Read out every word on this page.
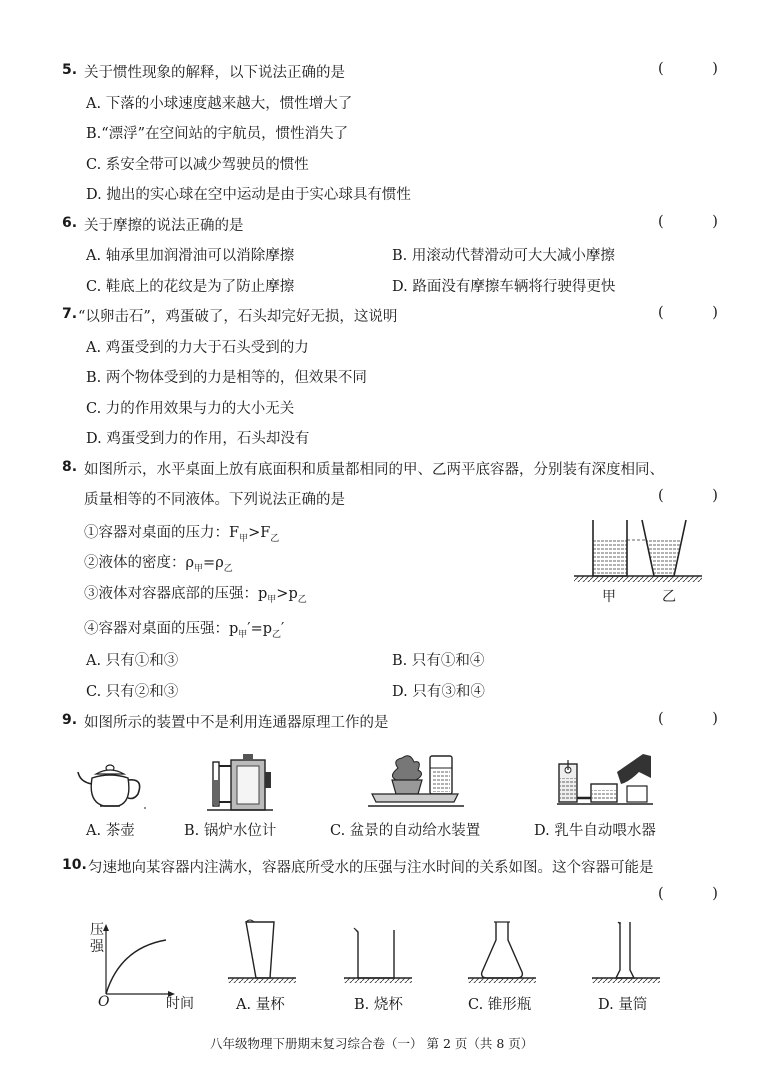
5. 关于惯性现象的解释，以下说法正确的是	( )
A. 下落的小球速度越来越大，惯性增大了
B.“漂浮”在空间站的宇航员，惯性消失了
C. 系安全带可以减少驾驶员的惯性
D. 抛出的实心球在空中运动是由于实心球具有惯性
6. 关于摩擦的说法正确的是	( )
A. 轴承里加润滑油可以消除摩擦	B. 用滚动代替滑动可大大减小摩擦
C. 鞋底上的花纹是为了防止摩擦	D. 路面没有摩擦车辆将行驶得更快
7. “以卵击石”，鸡蛋破了，石头却完好无损，这说明	( )
A. 鸡蛋受到的力大于石头受到的力
B. 两个物体受到的力是相等的，但效果不同
C. 力的作用效果与力的大小无关
D. 鸡蛋受到力的作用，石头却没有
8. 如图所示，水平桌面上放有底面积和质量都相同的甲、乙两平底容器，分别装有深度相同、
质量相等的不同液体。下列说法正确的是	( )
①容器对桌面的压力：$F_甲>F_乙$
②液体的密度：$\rho_甲=\rho_乙$
③液体对容器底部的压强：$p_甲>p_乙$
④容器对桌面的压强：$p_甲'=p_乙'$
甲	乙
A. 只有①和③	B. 只有①和④
C. 只有②和③	D. 只有③和④
9. 如图所示的装置中不是利用连通器原理工作的是	( )
A. 茶壶	B. 锅炉水位计	C. 盆景的自动给水装置	D. 乳牛自动喂水器
10. 匀速地向某容器内注满水，容器底所受水的压强与注水时间的关系如图。这个容器可能是
( )
压
强
时间
O	A. 量杯	B. 烧杯	C. 锥形瓶	D. 量筒
八年级物理下册期末复习综合卷（一） 第 2 页（共 8 页）
